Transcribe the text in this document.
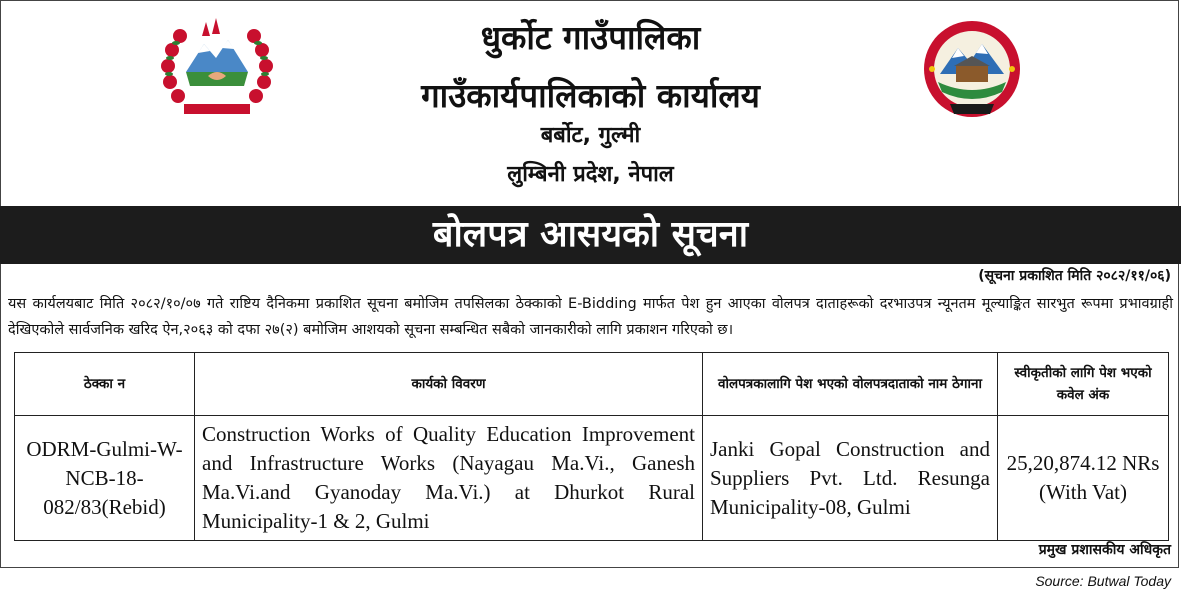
धुर्कोट गाउँपालिका
गाउँकार्यपालिकाको कार्यालय
बर्बोट, गुल्मी
लुम्बिनी प्रदेश, नेपाल
बोलपत्र आसयको सूचना
(सूचना प्रकाशित मिति २०८२/११/०६)
यस कार्यलयबाट मिति २०८२/१०/०७ गते राष्टिय दैनिकमा प्रकाशित सूचना बमोजिम तपसिलका ठेक्काको E-Bidding मार्फत पेश हुन आएका वोलपत्र दाताहरूको दरभाउपत्र न्यूनतम मूल्याङ्कित सारभुत रूपमा प्रभावग्राही देखिएकोले सार्वजनिक खरिद ऐन,२०६३ को दफा २७(२) बमोजिम आशयको सूचना सम्बन्धित सबैको जानकारीको लागि प्रकाशन गरिएको छ।
ठेक्का न	कार्यको विवरण	वोलपत्रकालागि पेश भएको वोलपत्रदाताको नाम ठेगाना	स्वीकृतीको लागि पेश भएको कवेल अंक
ODRM-Gulmi-W-NCB-18-082/83(Rebid)	Construction Works of Quality Education Improvement and Infrastructure Works (Nayagau Ma.Vi., Ganesh Ma.Vi.and Gyanoday Ma.Vi.) at Dhurkot Rural Municipality-1 & 2, Gulmi	Janki Gopal Construction and Suppliers Pvt. Ltd. Resunga Municipality-08, Gulmi	25,20,874.12 NRs (With Vat)
प्रमुख प्रशासकीय अधिकृत
Source: Butwal Today
